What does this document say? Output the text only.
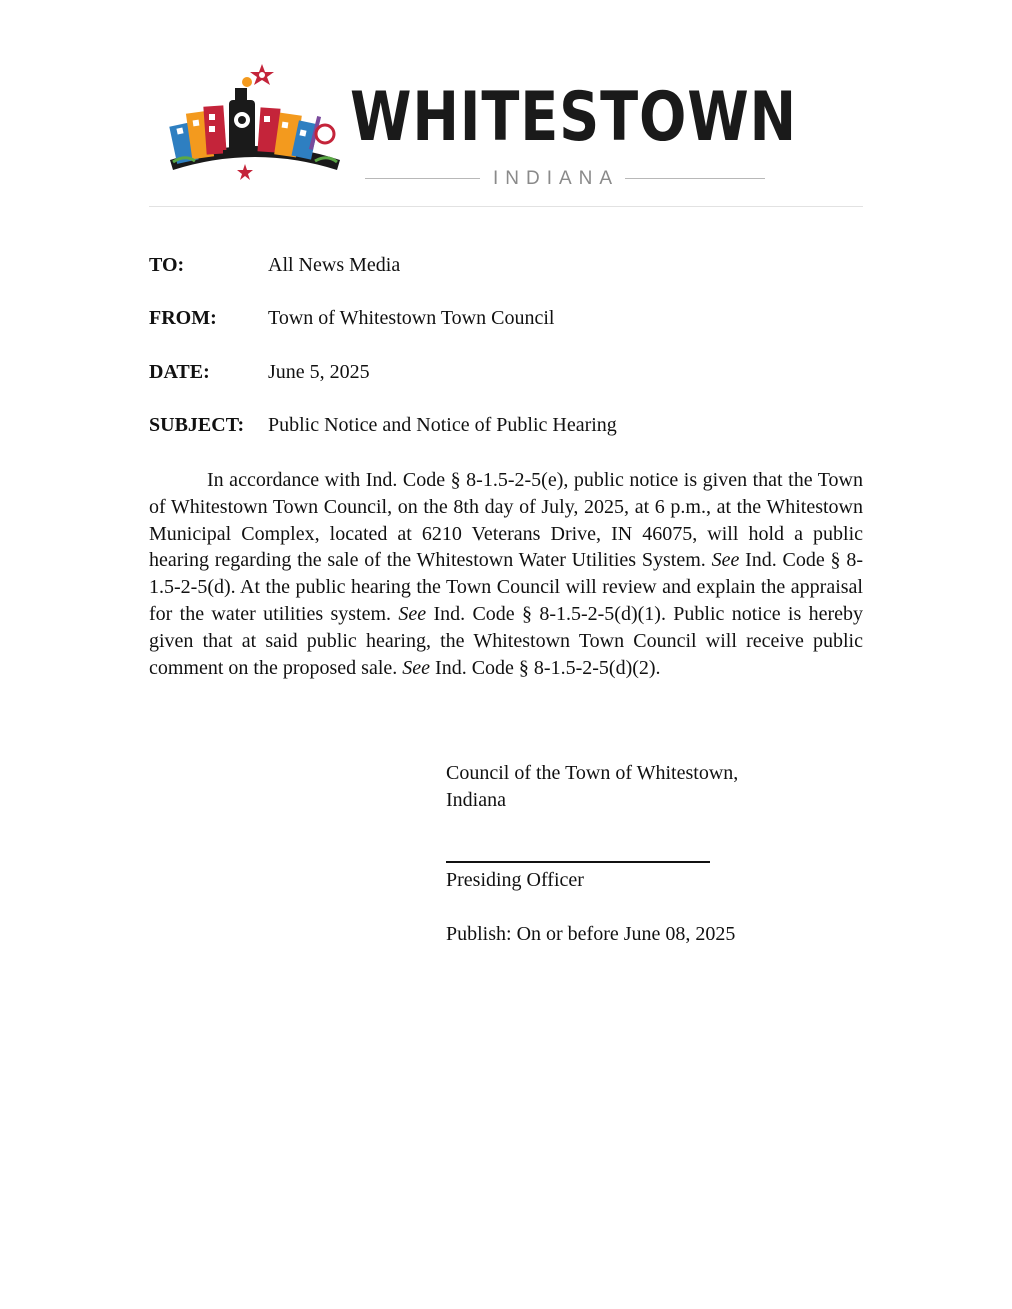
WHITESTOWN
INDIANA
TO:	All News Media
FROM:	Town of Whitestown Town Council
DATE:	June 5, 2025
SUBJECT: Public Notice and Notice of Public Hearing

In accordance with Ind. Code § 8-1.5-2-5(e), public notice is given that the Town of Whitestown Town Council, on the 8th day of July, 2025, at 6 p.m., at the Whitestown Municipal Complex, located at 6210 Veterans Drive, IN 46075, will hold a public hearing regarding the sale of the Whitestown Water Utilities System. See Ind. Code § 8-1.5-2-5(d). At the public hearing the Town Council will review and explain the appraisal for the water utilities system. See Ind. Code § 8-1.5-2-5(d)(1). Public notice is hereby given that at said public hearing, the Whitestown Town Council will receive public comment on the proposed sale. See Ind. Code § 8-1.5-2-5(d)(2).

Council of the Town of Whitestown,
Indiana
Presiding Officer
Publish: On or before June 08, 2025
